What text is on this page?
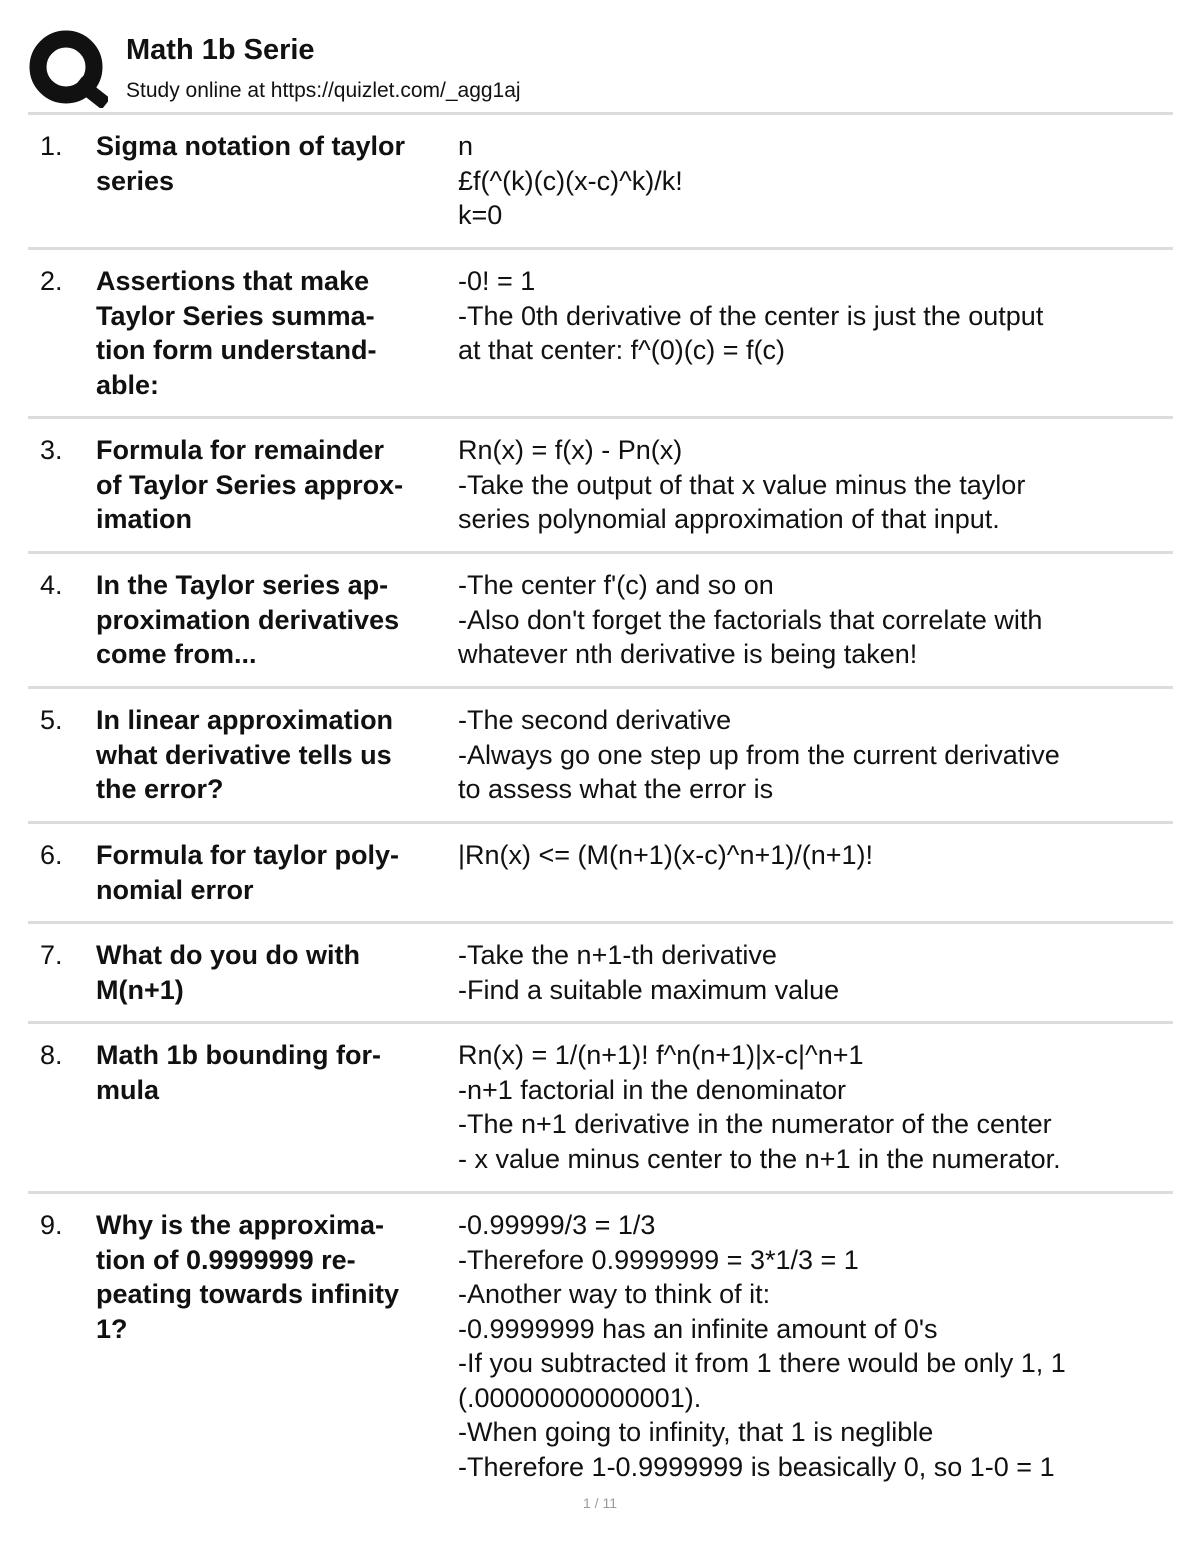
Math 1b Serie
Study online at https://quizlet.com/_agg1aj
1. Sigma notation of taylor
series
n
£f(^(k)(c)(x-c)^k)/k!
k=0
2. Assertions that make
Taylor Series summa-
tion form understand-
able:
-0! = 1
-The 0th derivative of the center is just the output
at that center: f^(0)(c) = f(c)
3. Formula for remainder
of Taylor Series approx-
imation
Rn(x) = f(x) - Pn(x)
-Take the output of that x value minus the taylor
series polynomial approximation of that input.
4. In the Taylor series ap-
proximation derivatives
come from...
-The center f'(c) and so on
-Also don't forget the factorials that correlate with
whatever nth derivative is being taken!
5. In linear approximation
what derivative tells us
the error?
-The second derivative
-Always go one step up from the current derivative
to assess what the error is
6. Formula for taylor poly-
nomial error
|Rn(x) <= (M(n+1)(x-c)^n+1)/(n+1)!
7. What do you do with
M(n+1)
-Take the n+1-th derivative
-Find a suitable maximum value
8. Math 1b bounding for-
mula
Rn(x) = 1/(n+1)! f^n(n+1)|x-c|^n+1
-n+1 factorial in the denominator
-The n+1 derivative in the numerator of the center
- x value minus center to the n+1 in the numerator.
9. Why is the approxima-
tion of 0.9999999 re-
peating towards infinity
1?
-0.99999/3 = 1/3
-Therefore 0.9999999 = 3*1/3 = 1
-Another way to think of it:
-0.9999999 has an infinite amount of 0's
-If you subtracted it from 1 there would be only 1, 1
(.00000000000001).
-When going to infinity, that 1 is neglible
-Therefore 1-0.9999999 is beasically 0, so 1-0 = 1
1 / 11
